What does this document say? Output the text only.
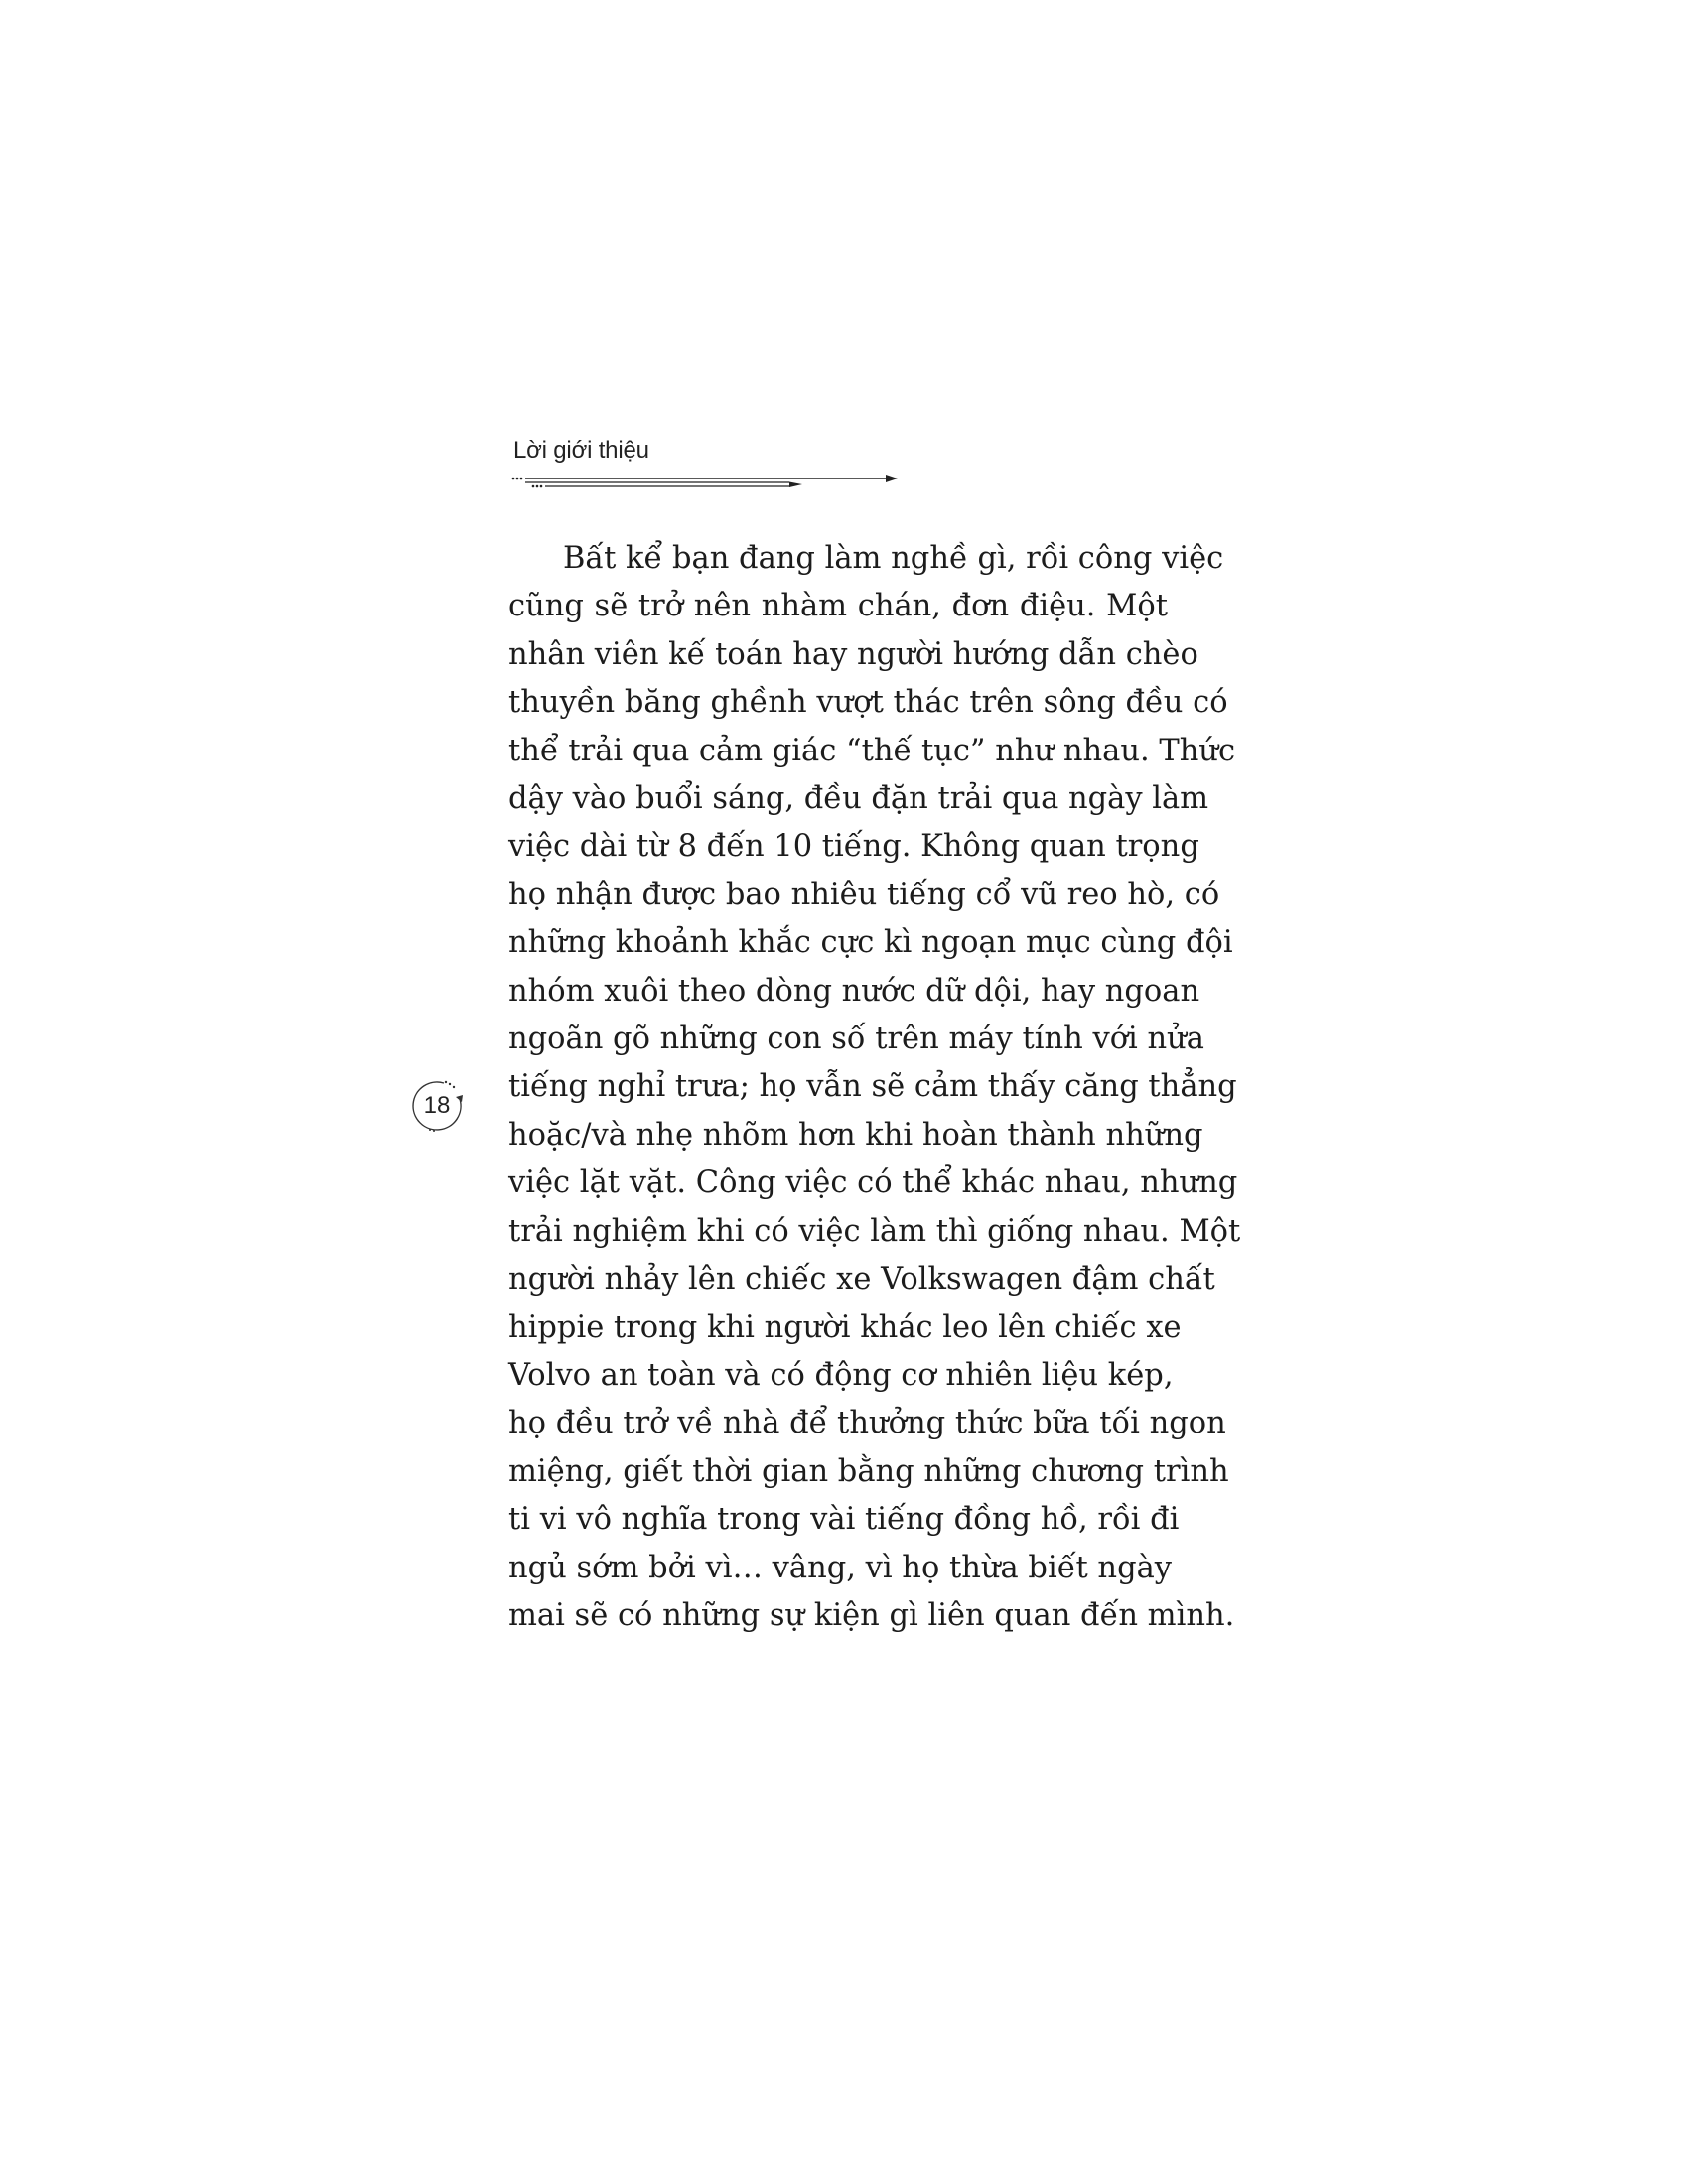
Lời giới thiệu
18
Bất kể bạn đang làm nghề gì, rồi công việc
cũng sẽ trở nên nhàm chán, đơn điệu. Một
nhân viên kế toán hay người hướng dẫn chèo
thuyền băng ghềnh vượt thác trên sông đều có
thể trải qua cảm giác “thế tục” như nhau. Thức
dậy vào buổi sáng, đều đặn trải qua ngày làm
việc dài từ 8 đến 10 tiếng. Không quan trọng
họ nhận được bao nhiêu tiếng cổ vũ reo hò, có
những khoảnh khắc cực kì ngoạn mục cùng đội
nhóm xuôi theo dòng nước dữ dội, hay ngoan
ngoãn gõ những con số trên máy tính với nửa
tiếng nghỉ trưa; họ vẫn sẽ cảm thấy căng thẳng
hoặc/và nhẹ nhõm hơn khi hoàn thành những
việc lặt vặt. Công việc có thể khác nhau, nhưng
trải nghiệm khi có việc làm thì giống nhau. Một
người nhảy lên chiếc xe Volkswagen đậm chất
hippie trong khi người khác leo lên chiếc xe
Volvo an toàn và có động cơ nhiên liệu kép,
họ đều trở về nhà để thưởng thức bữa tối ngon
miệng, giết thời gian bằng những chương trình
ti vi vô nghĩa trong vài tiếng đồng hồ, rồi đi
ngủ sớm bởi vì… vâng, vì họ thừa biết ngày
mai sẽ có những sự kiện gì liên quan đến mình.
